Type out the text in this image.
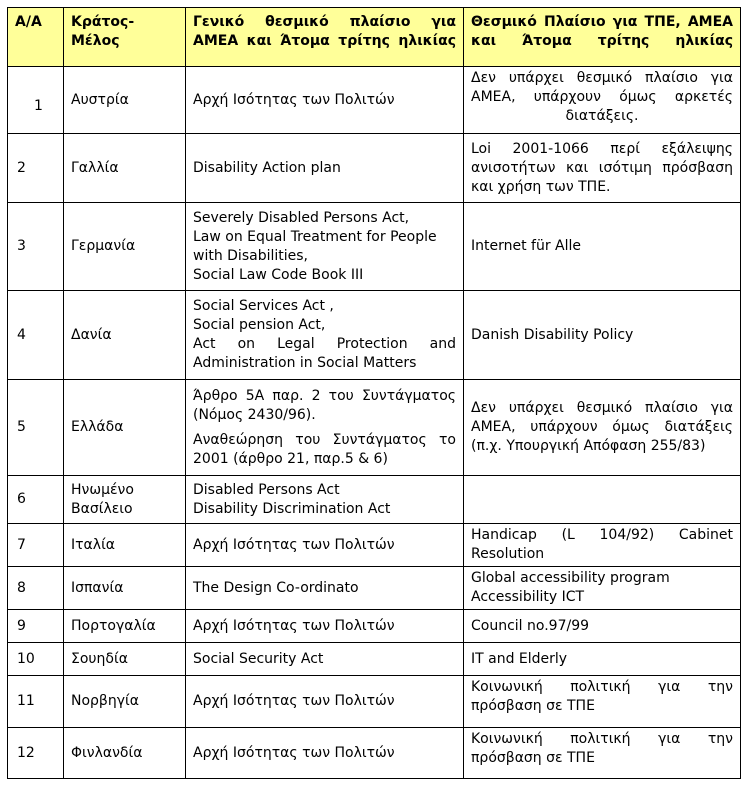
Α/Α	Κράτος-Μέλος	Γενικό θεσμικό πλαίσιο για ΑΜΕΑ και Άτομα τρίτης ηλικίας	Θεσμικό Πλαίσιο για ΤΠΕ, ΑΜΕΑ και Άτομα τρίτης ηλικίας
1	Αυστρία	Αρχή Ισότητας των Πολιτών	Δεν υπάρχει θεσμικό πλαίσιο για ΑΜΕΑ, υπάρχουν όμως αρκετές διατάξεις.

2	Γαλλία	Disability Action plan	Loi 2001-1066 περί εξάλειψης ανισοτήτων και ισότιμη πρόσβαση και χρήση των ΤΠΕ.

3	Γερμανία	Severely Disabled Persons Act,
Law on Equal Treatment for People with Disabilities,
Social Law Code Book III	Internet für Alle

4	Δανία	Social Services Act ,
Social pension Act,
Act on Legal Protection and Administration in Social Matters	Danish Disability Policy

5	Ελλάδα	Άρθρο 5Α παρ. 2 του Συντάγματος (Νόμος 2430/96).
Αναθεώρηση του Συντάγματος το 2001 (άρθρο 21, παρ.5 & 6)	Δεν υπάρχει θεσμικό πλαίσιο για ΑΜΕΑ, υπάρχουν όμως διατάξεις (π.χ. Υπουργική Απόφαση 255/83)

6	Ηνωμένο Βασίλειο	Disabled Persons Act
Disability Discrimination Act	

7	Ιταλία	Αρχή Ισότητας των Πολιτών	Handicap (L 104/92) Cabinet Resolution

8	Ισπανία	The Design Co-ordinato	Global accessibility program
Accessibility ICT

9	Πορτογαλία	Αρχή Ισότητας των Πολιτών	Council no.97/99

10	Σουηδία	Social Security Act	IT and Elderly

11	Νορβηγία	Αρχή Ισότητας των Πολιτών	Κοινωνική πολιτική για την πρόσβαση σε ΤΠΕ

12	Φινλανδία	Αρχή Ισότητας των Πολιτών	Κοινωνική πολιτική για την πρόσβαση σε ΤΠΕ
